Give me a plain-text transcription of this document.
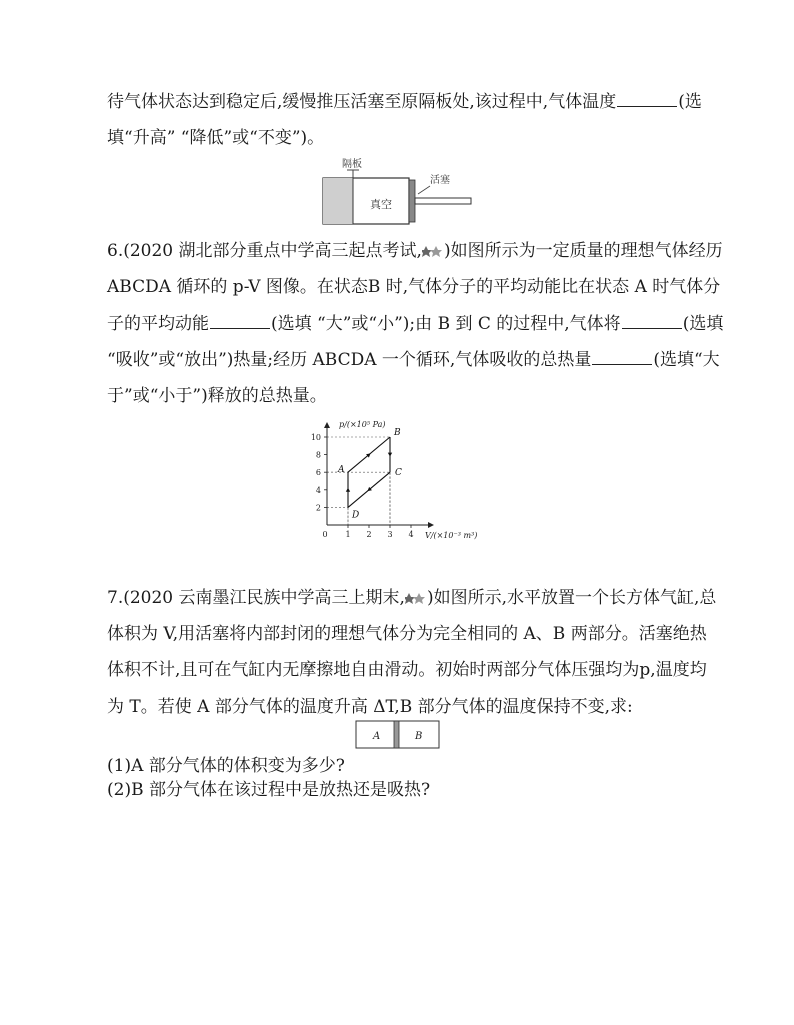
待气体状态达到稳定后,缓慢推压活塞至原隔板处,该过程中,气体温度	(选
填“升高” “降低”或“不变”)。
隔板
真空
活塞
6.(2020 湖北部分重点中学高三起点考试, )如图所示为一定质量的理想气体经历
ABCDA 循环的 p-V 图像。在状态B 时,气体分子的平均动能比在状态 A 时气体分
子的平均动能	(选填 “大”或“小”);由 B 到 C 的过程中,气体将	(选填
“吸收”或“放出”)热量;经历 ABCDA 一个循环,气体吸收的总热量	(选填“大
于”或“小于”)释放的总热量。
2
4
6
8
10
0 1 2 3 4
A
B
C
D
p/(×10⁵ Pa)
V/(×10⁻³ m³)
7.(2020 云南墨江民族中学高三上期末, )如图所示,水平放置一个长方体气缸,总
体积为 V,用活塞将内部封闭的理想气体分为完全相同的 A、B 两部分。活塞绝热
体积不计,且可在气缸内无摩擦地自由滑动。初始时两部分气体压强均为p,温度均
为 T。若使 A 部分气体的温度升高 ΔT,B 部分气体的温度保持不变,求:
A	B
(1)A 部分气体的体积变为多少?
(2)B 部分气体在该过程中是放热还是吸热?
